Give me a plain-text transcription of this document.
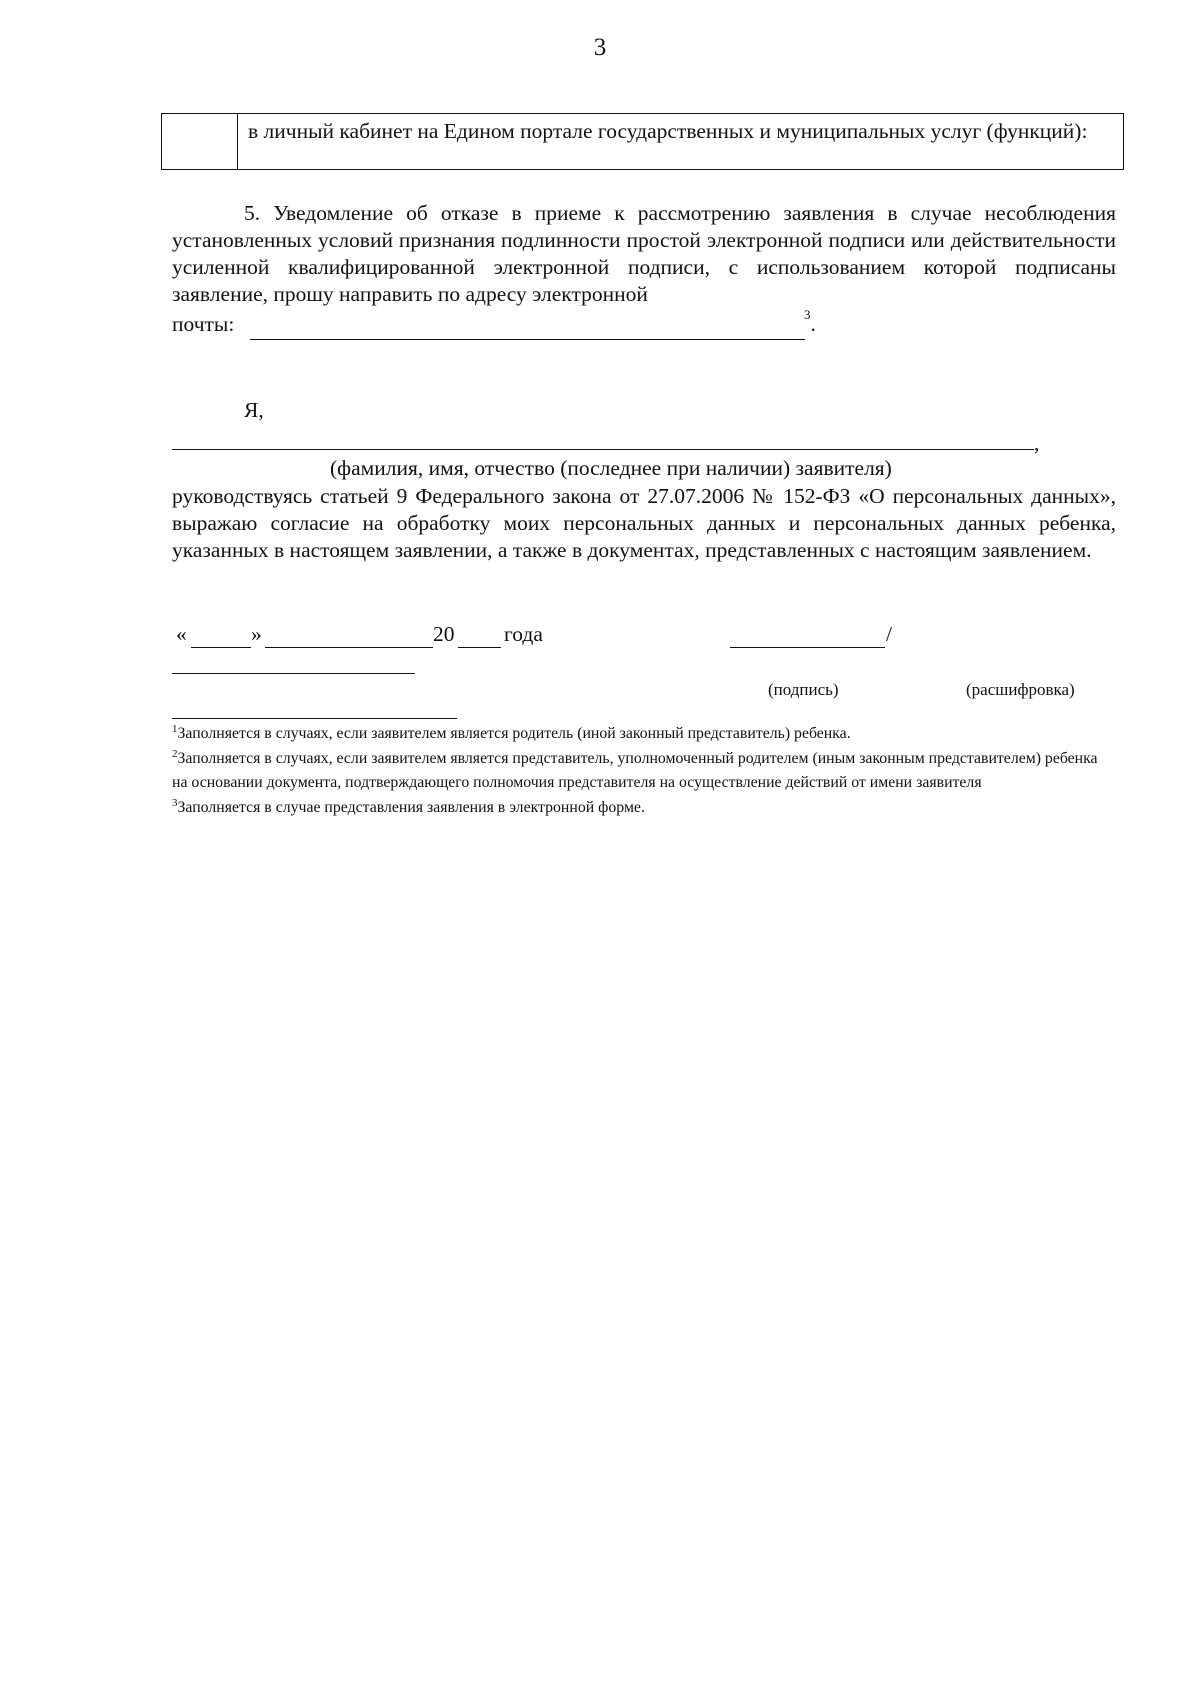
3
в личный кабинет на Едином портале государственных и муниципальных услуг (функций):
5. Уведомление об отказе в приеме к рассмотрению заявления в случае несоблюдения установленных условий признания подлинности простой электронной подписи или действительности усиленной квалифицированной электронной подписи, с использованием которой подписаны заявление, прошу направить по адресу электронной
почты:	$^3$.
Я,
,
(фамилия, имя, отчество (последнее при наличии) заявителя)
руководствуясь статьей 9 Федерального закона от 27.07.2006 № 152-ФЗ «О персональных данных», выражаю согласие на обработку моих персональных данных и персональных данных ребенка, указанных в настоящем заявлении, а также в документах, представленных с настоящим заявлением.
«	»	20 года	/
(подпись)	(расшифровка)
$^1$Заполняется в случаях, если заявителем является родитель (иной законный представитель) ребенка.
$^2$Заполняется в случаях, если заявителем является представитель, уполномоченный родителем (иным законным представителем) ребенка на основании документа, подтверждающего полномочия представителя на осуществление действий от имени заявителя
$^3$Заполняется в случае представления заявления в электронной форме.
